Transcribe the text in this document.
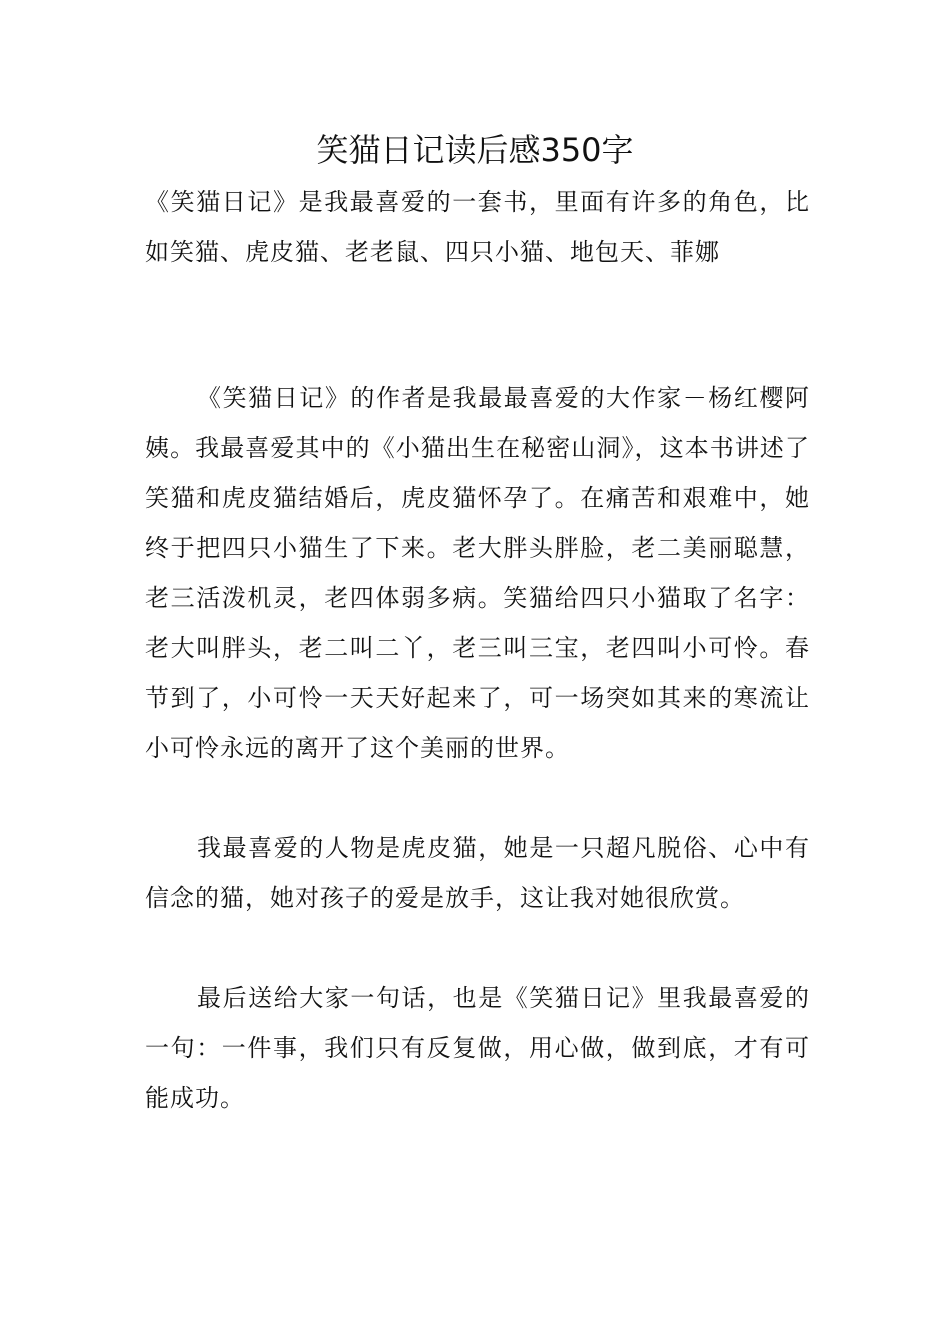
笑猫日记读后感350字

《笑猫日记》是我最喜爱的一套书，里面有许多的角色，比如笑猫、虎皮猫、老老鼠、四只小猫、地包天、菲娜

《笑猫日记》的作者是我最最喜爱的大作家－杨红樱阿姨。我最喜爱其中的《小猫出生在秘密山洞》，这本书讲述了笑猫和虎皮猫结婚后，虎皮猫怀孕了。在痛苦和艰难中，她终于把四只小猫生了下来。老大胖头胖脸，老二美丽聪慧，老三活泼机灵，老四体弱多病。笑猫给四只小猫取了名字：老大叫胖头，老二叫二丫，老三叫三宝，老四叫小可怜。春节到了，小可怜一天天好起来了，可一场突如其来的寒流让小可怜永远的离开了这个美丽的世界。

我最喜爱的人物是虎皮猫，她是一只超凡脱俗、心中有信念的猫，她对孩子的爱是放手，这让我对她很欣赏。

最后送给大家一句话，也是《笑猫日记》里我最喜爱的一句：一件事，我们只有反复做，用心做，做到底，才有可能成功。
